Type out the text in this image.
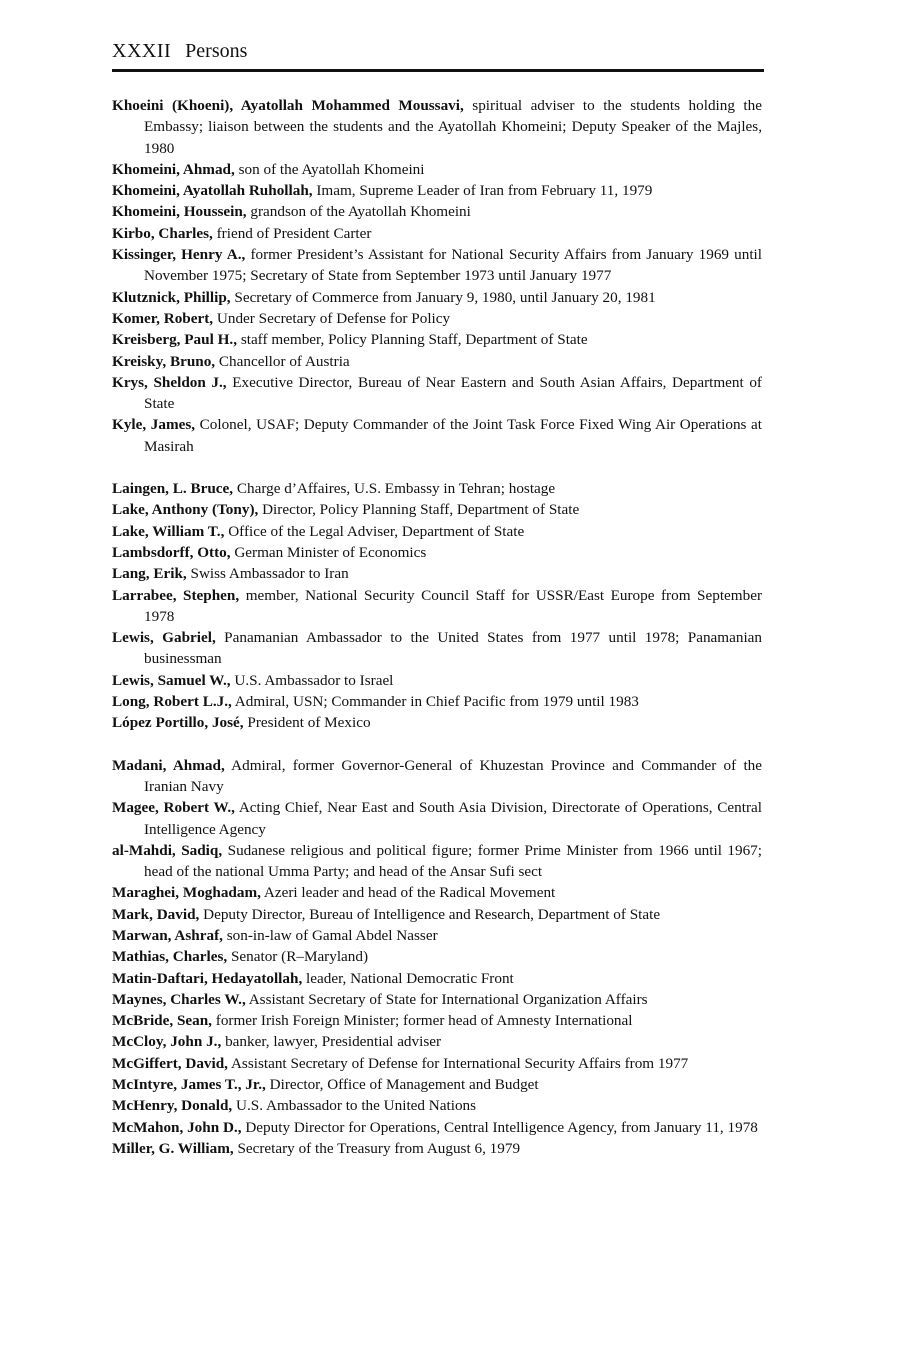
XXXII Persons

Khoeini (Khoeni), Ayatollah Mohammed Moussavi, spiritual adviser to the students holding the Embassy; liaison between the students and the Ayatollah Khomeini; Deputy Speaker of the Majles, 1980

Khomeini, Ahmad, son of the Ayatollah Khomeini

Khomeini, Ayatollah Ruhollah, Imam, Supreme Leader of Iran from February 11, 1979

Khomeini, Houssein, grandson of the Ayatollah Khomeini

Kirbo, Charles, friend of President Carter

Kissinger, Henry A., former President’s Assistant for National Security Affairs from January 1969 until November 1975; Secretary of State from September 1973 until January 1977

Klutznick, Phillip, Secretary of Commerce from January 9, 1980, until January 20, 1981

Komer, Robert, Under Secretary of Defense for Policy

Kreisberg, Paul H., staff member, Policy Planning Staff, Department of State

Kreisky, Bruno, Chancellor of Austria

Krys, Sheldon J., Executive Director, Bureau of Near Eastern and South Asian Affairs, Department of State

Kyle, James, Colonel, USAF; Deputy Commander of the Joint Task Force Fixed Wing Air Operations at Masirah

Laingen, L. Bruce, Charge d’Affaires, U.S. Embassy in Tehran; hostage

Lake, Anthony (Tony), Director, Policy Planning Staff, Department of State

Lake, William T., Office of the Legal Adviser, Department of State

Lambsdorff, Otto, German Minister of Economics

Lang, Erik, Swiss Ambassador to Iran

Larrabee, Stephen, member, National Security Council Staff for USSR/East Europe from September 1978

Lewis, Gabriel, Panamanian Ambassador to the United States from 1977 until 1978; Panamanian businessman

Lewis, Samuel W., U.S. Ambassador to Israel

Long, Robert L.J., Admiral, USN; Commander in Chief Pacific from 1979 until 1983

López Portillo, José, President of Mexico

Madani, Ahmad, Admiral, former Governor-General of Khuzestan Province and Commander of the Iranian Navy

Magee, Robert W., Acting Chief, Near East and South Asia Division, Directorate of Operations, Central Intelligence Agency

al-Mahdi, Sadiq, Sudanese religious and political figure; former Prime Minister from 1966 until 1967; head of the national Umma Party; and head of the Ansar Sufi sect

Maraghei, Moghadam, Azeri leader and head of the Radical Movement

Mark, David, Deputy Director, Bureau of Intelligence and Research, Department of State

Marwan, Ashraf, son-in-law of Gamal Abdel Nasser

Mathias, Charles, Senator (R–Maryland)

Matin-Daftari, Hedayatollah, leader, National Democratic Front

Maynes, Charles W., Assistant Secretary of State for International Organization Affairs

McBride, Sean, former Irish Foreign Minister; former head of Amnesty International

McCloy, John J., banker, lawyer, Presidential adviser

McGiffert, David, Assistant Secretary of Defense for International Security Affairs from 1977

McIntyre, James T., Jr., Director, Office of Management and Budget

McHenry, Donald, U.S. Ambassador to the United Nations

McMahon, John D., Deputy Director for Operations, Central Intelligence Agency, from January 11, 1978

Miller, G. William, Secretary of the Treasury from August 6, 1979
